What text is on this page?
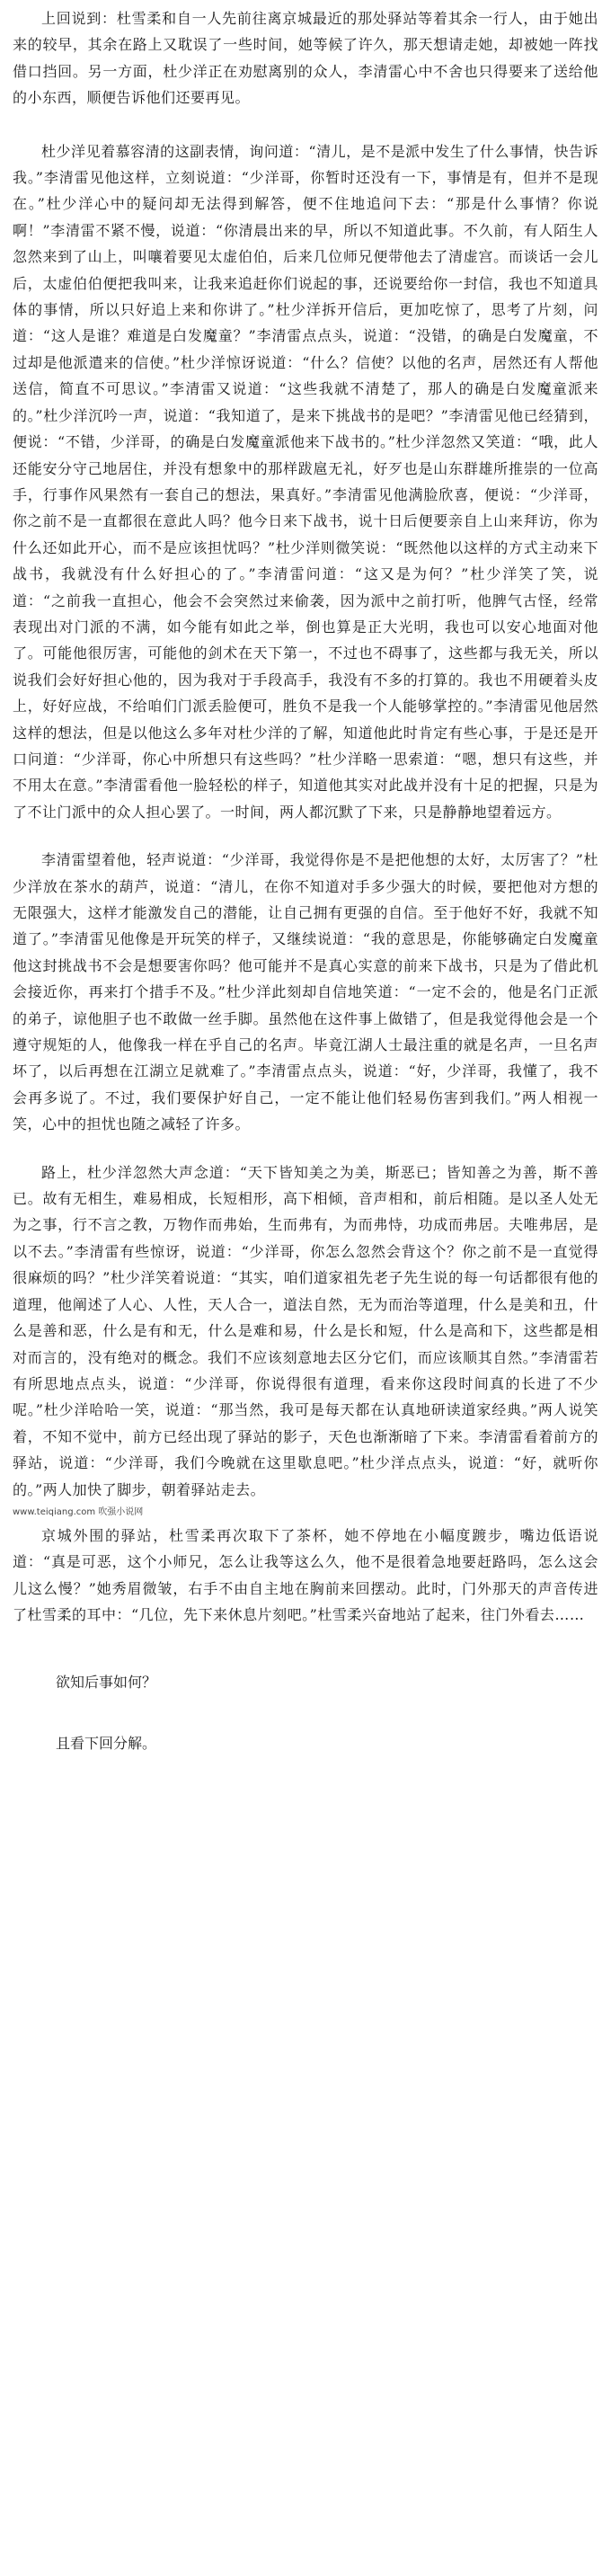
上回说到：杜雪柔和自一人先前往离京城最近的那处驿站等着其余一行人，由于她出来的较早，其余在路上又耽误了一些时间，她等候了许久，那天想请走她，却被她一阵找借口挡回。另一方面，杜少洋正在劝慰离别的众人，李清雷心中不舍也只得要来了送给他的小东西，顺便告诉他们还要再见。

杜少洋见着慕容清的这副表情，询问道：“清儿，是不是派中发生了什么事情，快告诉我。”李清雷见他这样，立刻说道：“少洋哥，你暂时还没有一下，事情是有，但并不是现在。”杜少洋心中的疑问却无法得到解答，便不住地追问下去：“那是什么事情？你说啊！”李清雷不紧不慢，说道：“你清晨出来的早，所以不知道此事。不久前，有人陌生人忽然来到了山上，叫嚷着要见太虚伯伯，后来几位师兄便带他去了清虚宫。而谈话一会儿后，太虚伯伯便把我叫来，让我来追赶你们说起的事，还说要给你一封信，我也不知道具体的事情，所以只好追上来和你讲了。”杜少洋拆开信后，更加吃惊了，思考了片刻，问道：“这人是谁？难道是白发魔童？”李清雷点点头，说道：“没错，的确是白发魔童，不过却是他派遣来的信使。”杜少洋惊讶说道：“什么？信使？以他的名声，居然还有人帮他送信，简直不可思议。”李清雷又说道：“这些我就不清楚了，那人的确是白发魔童派来的。”杜少洋沉吟一声，说道：“我知道了，是来下挑战书的是吧？”李清雷见他已经猜到，便说：“不错，少洋哥，的确是白发魔童派他来下战书的。”杜少洋忽然又笑道：“哦，此人还能安分守己地居住，并没有想象中的那样跋扈无礼，好歹也是山东群雄所推崇的一位高手，行事作风果然有一套自己的想法，果真好。”李清雷见他满脸欣喜，便说：“少洋哥，你之前不是一直都很在意此人吗？他今日来下战书，说十日后便要亲自上山来拜访，你为什么还如此开心，而不是应该担忧吗？”杜少洋则微笑说：“既然他以这样的方式主动来下战书，我就没有什么好担心的了。”李清雷问道：“这又是为何？”杜少洋笑了笑，说道：“之前我一直担心，他会不会突然过来偷袭，因为派中之前打听，他脾气古怪，经常表现出对门派的不满，如今能有如此之举，倒也算是正大光明，我也可以安心地面对他了。可能他很厉害，可能他的剑术在天下第一，不过也不碍事了，这些都与我无关，所以说我们会好好担心他的，因为我对于手段高手，我没有不多的打算的。我也不用硬着头皮上，好好应战，不给咱们门派丢脸便可，胜负不是我一个人能够掌控的。”李清雷见他居然这样的想法，但是以他这么多年对杜少洋的了解，知道他此时肯定有些心事，于是还是开口问道：“少洋哥，你心中所想只有这些吗？”杜少洋略一思索道：“嗯，想只有这些，并不用太在意。”李清雷看他一脸轻松的样子，知道他其实对此战并没有十足的把握，只是为了不让门派中的众人担心罢了。一时间，两人都沉默了下来，只是静静地望着远方。

李清雷望着他，轻声说道：“少洋哥，我觉得你是不是把他想的太好，太厉害了？”杜少洋放在茶水的葫芦，说道：“清儿，在你不知道对手多少强大的时候，要把他对方想的无限强大，这样才能激发自己的潜能，让自己拥有更强的自信。至于他好不好，我就不知道了。”李清雷见他像是开玩笑的样子，又继续说道：“我的意思是，你能够确定白发魔童他这封挑战书不会是想要害你吗？他可能并不是真心实意的前来下战书，只是为了借此机会接近你，再来打个措手不及。”杜少洋此刻却自信地笑道：“一定不会的，他是名门正派的弟子，谅他胆子也不敢做一丝手脚。虽然他在这件事上做错了，但是我觉得他会是一个遵守规矩的人，他像我一样在乎自己的名声。毕竟江湖人士最注重的就是名声，一旦名声坏了，以后再想在江湖立足就难了。”李清雷点点头，说道：“好，少洋哥，我懂了，我不会再多说了。不过，我们要保护好自己，一定不能让他们轻易伤害到我们。”两人相视一笑，心中的担忧也随之减轻了许多。

路上，杜少洋忽然大声念道：“天下皆知美之为美，斯恶已；皆知善之为善，斯不善已。故有无相生，难易相成，长短相形，高下相倾，音声相和，前后相随。是以圣人处无为之事，行不言之教，万物作而弗始，生而弗有，为而弗恃，功成而弗居。夫唯弗居，是以不去。”李清雷有些惊讶，说道：“少洋哥，你怎么忽然会背这个？你之前不是一直觉得很麻烦的吗？”杜少洋笑着说道：“其实，咱们道家祖先老子先生说的每一句话都很有他的道理，他阐述了人心、人性，天人合一，道法自然，无为而治等道理，什么是美和丑，什么是善和恶，什么是有和无，什么是难和易，什么是长和短，什么是高和下，这些都是相对而言的，没有绝对的概念。我们不应该刻意地去区分它们，而应该顺其自然。”李清雷若有所思地点点头，说道：“少洋哥，你说得很有道理，看来你这段时间真的长进了不少呢。”杜少洋哈哈一笑，说道：“那当然，我可是每天都在认真地研读道家经典。”两人说笑着，不知不觉中，前方已经出现了驿站的影子，天色也渐渐暗了下来。李清雷看着前方的驿站，说道：“少洋哥，我们今晚就在这里歇息吧。”杜少洋点点头，说道：“好，就听你的。”两人加快了脚步，朝着驿站走去。

www.teiqiang.com 吹强小说网

京城外围的驿站，杜雪柔再次取下了茶杯，她不停地在小幅度踱步，嘴边低语说道：“真是可恶，这个小师兄，怎么让我等这么久，他不是很着急地要赶路吗，怎么这会儿这么慢？”她秀眉微皱，右手不由自主地在胸前来回摆动。此时，门外那天的声音传进了杜雪柔的耳中：“几位，先下来休息片刻吧。”杜雪柔兴奋地站了起来，往门外看去……

欲知后事如何？

且看下回分解。
